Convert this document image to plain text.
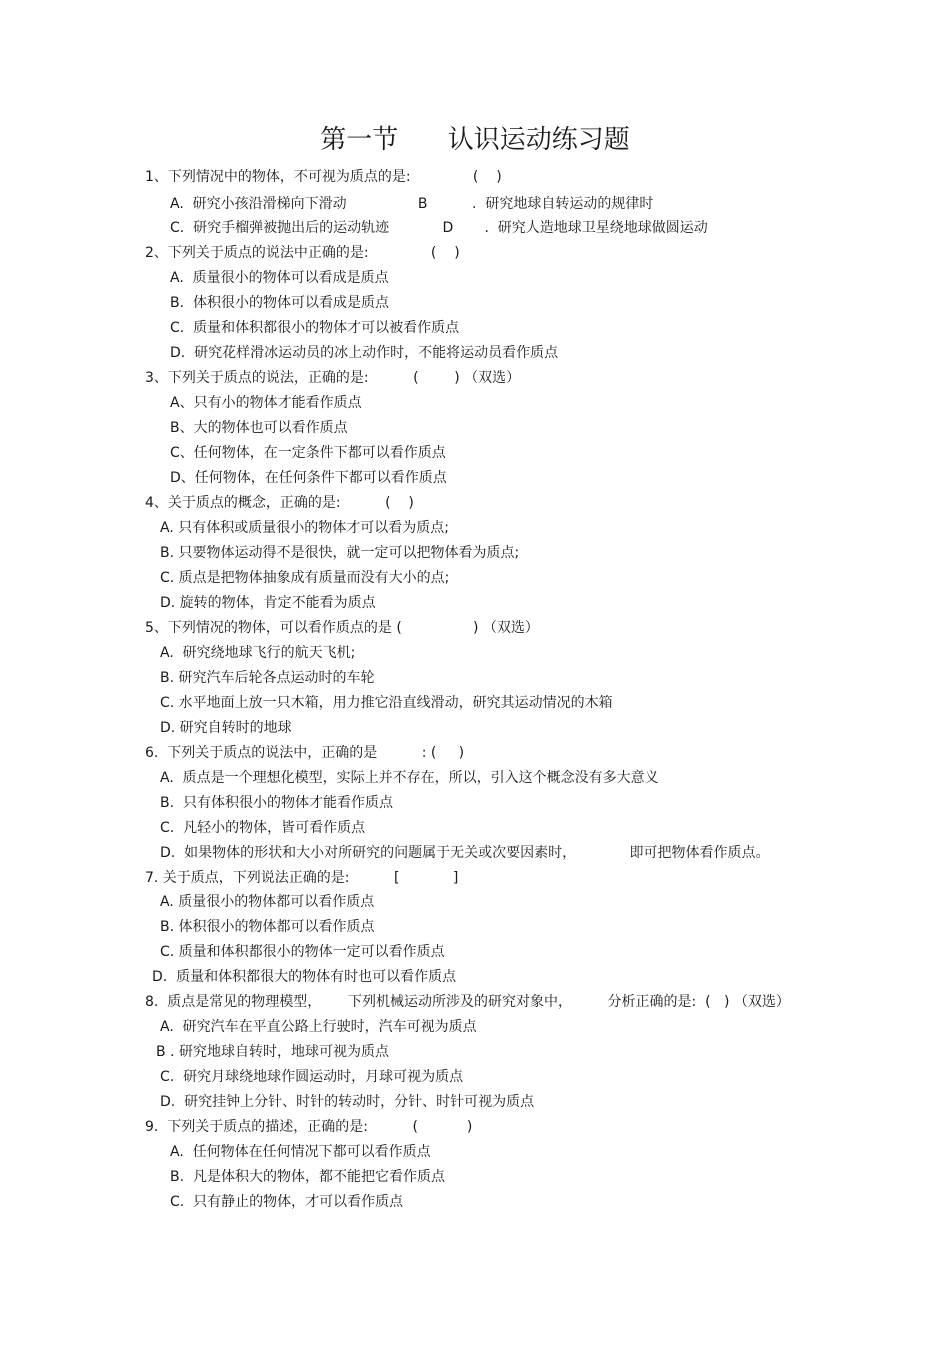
第一节      认识运动练习题
1、下列情况中的物体，不可视为质点的是:              (    )
A.  研究小孩沿滑梯向下滑动                B          .  研究地球自转运动的规律时
C.  研究手榴弹被抛出后的运动轨迹            D       .  研究人造地球卫星绕地球做圆运动
2、下列关于质点的说法中正确的是:              (    )
A.  质量很小的物体可以看成是质点
B.  体积很小的物体可以看成是质点
C.  质量和体积都很小的物体才可以被看作质点
D.  研究花样滑冰运动员的冰上动作时，不能将运动员看作质点
3、下列关于质点的说法，正确的是:          (        ) （双选）
A、只有小的物体才能看作质点
B、大的物体也可以看作质点
C、任何物体，在一定条件下都可以看作质点
D、任何物体，在任何条件下都可以看作质点
4、关于质点的概念，正确的是:          (    )
A. 只有体积或质量很小的物体才可以看为质点;
B. 只要物体运动得不是很快，就一定可以把物体看为质点;
C. 质点是把物体抽象成有质量而没有大小的点;
D. 旋转的物体，肯定不能看为质点
5、下列情况的物体，可以看作质点的是 (                ) （双选）
A.  研究绕地球飞行的航天飞机;
B. 研究汽车后轮各点运动时的车轮
C. 水平地面上放一只木箱，用力推它沿直线滑动，研究其运动情况的木箱
D. 研究自转时的地球
6.  下列关于质点的说法中，正确的是          : (     )
A.  质点是一个理想化模型，实际上并不存在，所以，引入这个概念没有多大意义
B.  只有体积很小的物体才能看作质点
C.  凡轻小的物体，皆可看作质点
D.  如果物体的形状和大小对所研究的问题属于无关或次要因素时，            即可把物体看作质点。
7. 关于质点，下列说法正确的是:          [            ]
A. 质量很小的物体都可以看作质点
B. 体积很小的物体都可以看作质点
C. 质量和体积都很小的物体一定可以看作质点
D.  质量和体积都很大的物体有时也可以看作质点
8.  质点是常见的物理模型，      下列机械运动所涉及的研究对象中，        分析正确的是:  (   ) （双选）
A.  研究汽车在平直公路上行驶时，汽车可视为质点
B . 研究地球自转时，地球可视为质点
C.  研究月球绕地球作圆运动时，月球可视为质点
D.  研究挂钟上分针、时针的转动时，分针、时针可视为质点
9.  下列关于质点的描述，正确的是:          (           )
A.  任何物体在任何情况下都可以看作质点
B.  凡是体积大的物体，都不能把它看作质点
C.  只有静止的物体，才可以看作质点
